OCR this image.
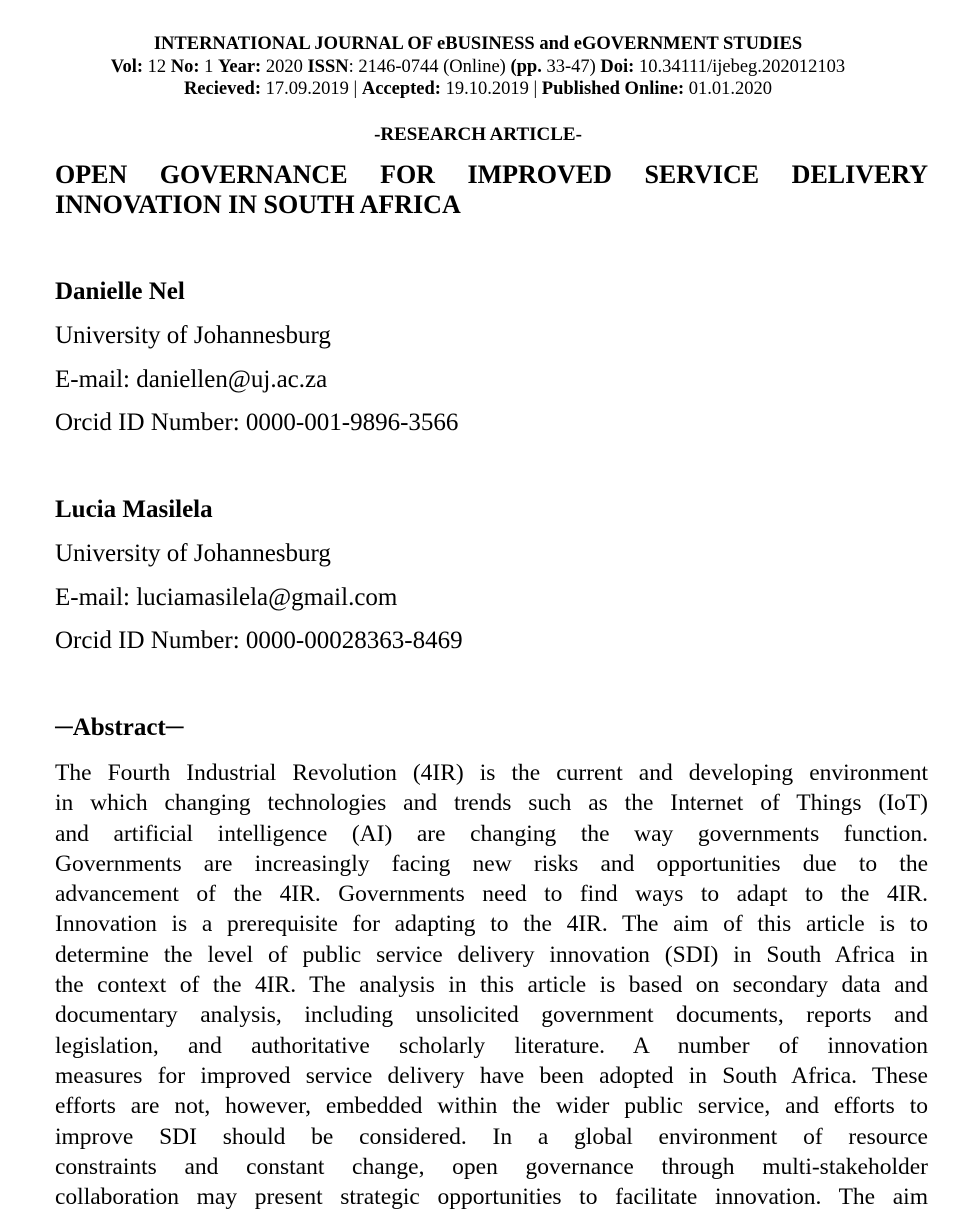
INTERNATIONAL JOURNAL OF eBUSINESS and eGOVERNMENT STUDIES
Vol: 12 No: 1 Year: 2020 ISSN: 2146-0744 (Online) (pp. 33-47) Doi: 10.34111/ijebeg.202012103
Recieved: 17.09.2019 | Accepted: 19.10.2019 | Published Online: 01.01.2020
-RESEARCH ARTICLE-
OPEN GOVERNANCE FOR IMPROVED SERVICE DELIVERY
INNOVATION IN SOUTH AFRICA
Danielle Nel
University of Johannesburg
E-mail: daniellen@uj.ac.za
Orcid ID Number: 0000-001-9896-3566
Lucia Masilela
University of Johannesburg
E-mail: luciamasilela@gmail.com
Orcid ID Number: 0000-00028363-8469
─Abstract─
The Fourth Industrial Revolution (4IR) is the current and developing environment
in which changing technologies and trends such as the Internet of Things (IoT)
and artificial intelligence (AI) are changing the way governments function.
Governments are increasingly facing new risks and opportunities due to the
advancement of the 4IR. Governments need to find ways to adapt to the 4IR.
Innovation is a prerequisite for adapting to the 4IR. The aim of this article is to
determine the level of public service delivery innovation (SDI) in South Africa in
the context of the 4IR. The analysis in this article is based on secondary data and
documentary analysis, including unsolicited government documents, reports and
legislation, and authoritative scholarly literature. A number of innovation
measures for improved service delivery have been adopted in South Africa. These
efforts are not, however, embedded within the wider public service, and efforts to
improve SDI should be considered. In a global environment of resource
constraints and constant change, open governance through multi-stakeholder
collaboration may present strategic opportunities to facilitate innovation. The aim
